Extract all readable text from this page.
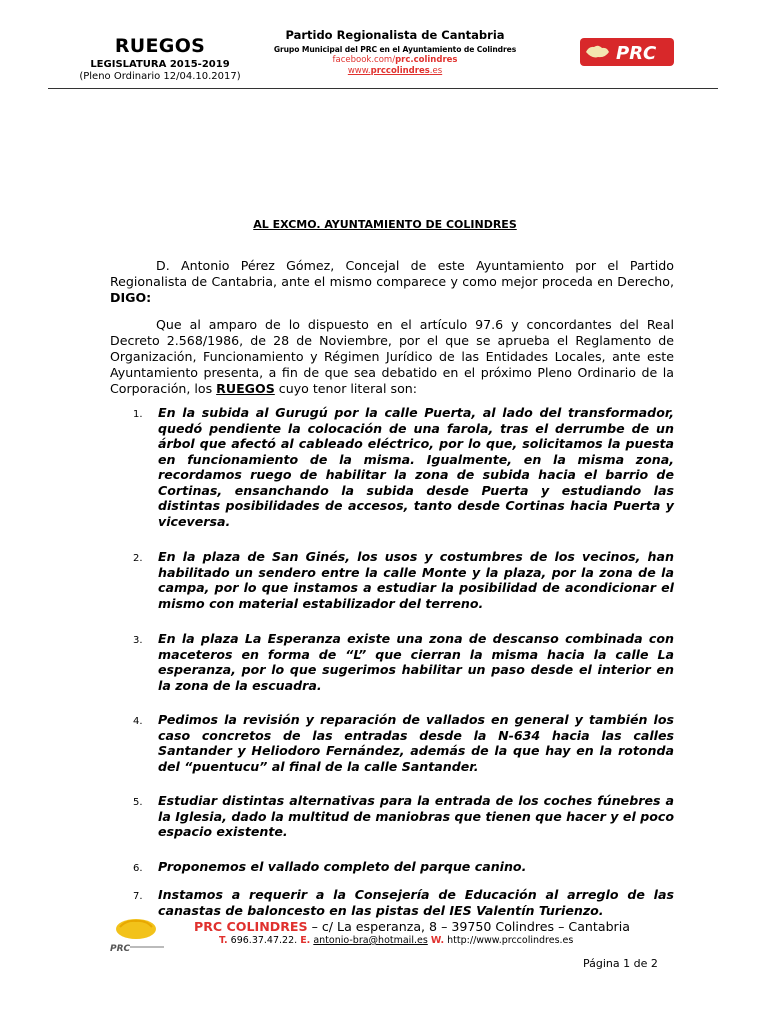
RUEGOS
LEGISLATURA 2015-2019
(Pleno Ordinario 12/04.10.2017)
Partido Regionalista de Cantabria
Grupo Municipal del PRC en el Ayuntamiento de Colindres
facebook.com/prc.colindres
www.prccolindres.es
PRC
AL EXCMO. AYUNTAMIENTO DE COLINDRES
D. Antonio Pérez Gómez, Concejal de este Ayuntamiento por el Partido Regionalista de Cantabria, ante el mismo comparece y como mejor proceda en Derecho, DIGO:
Que al amparo de lo dispuesto en el artículo 97.6 y concordantes del Real Decreto 2.568/1986, de 28 de Noviembre, por el que se aprueba el Reglamento de Organización, Funcionamiento y Régimen Jurídico de las Entidades Locales, ante este Ayuntamiento presenta, a fin de que sea debatido en el próximo Pleno Ordinario de la Corporación, los RUEGOS cuyo tenor literal son:
1. En la subida al Gurugú por la calle Puerta, al lado del transformador, quedó pendiente la colocación de una farola, tras el derrumbe de un árbol que afectó al cableado eléctrico, por lo que, solicitamos la puesta en funcionamiento de la misma. Igualmente, en la misma zona, recordamos ruego de habilitar la zona de subida hacia el barrio de Cortinas, ensanchando la subida desde Puerta y estudiando las distintas posibilidades de accesos, tanto desde Cortinas hacia Puerta y viceversa.
2. En la plaza de San Ginés, los usos y costumbres de los vecinos, han habilitado un sendero entre la calle Monte y la plaza, por la zona de la campa, por lo que instamos a estudiar la posibilidad de acondicionar el mismo con material estabilizador del terreno.
3. En la plaza La Esperanza existe una zona de descanso combinada con maceteros en forma de “L” que cierran la misma hacia la calle La esperanza, por lo que sugerimos habilitar un paso desde el interior en la zona de la escuadra.
4. Pedimos la revisión y reparación de vallados en general y también los caso concretos de las entradas desde la N-634 hacia las calles Santander y Heliodoro Fernández, además de la que hay en la rotonda del “puentucu” al final de la calle Santander.
5. Estudiar distintas alternativas para la entrada de los coches fúnebres a la Iglesia, dado la multitud de maniobras que tienen que hacer y el poco espacio existente.
6. Proponemos el vallado completo del parque canino.
7. Instamos a requerir a la Consejería de Educación al arreglo de las canastas de baloncesto en las pistas del IES Valentín Turienzo.
PRC
PRC COLINDRES – c/ La esperanza, 8 – 39750 Colindres – Cantabria
T. 696.37.47.22. E. antonio-bra@hotmail.es W. http://www.prccolindres.es
Página 1 de 2
